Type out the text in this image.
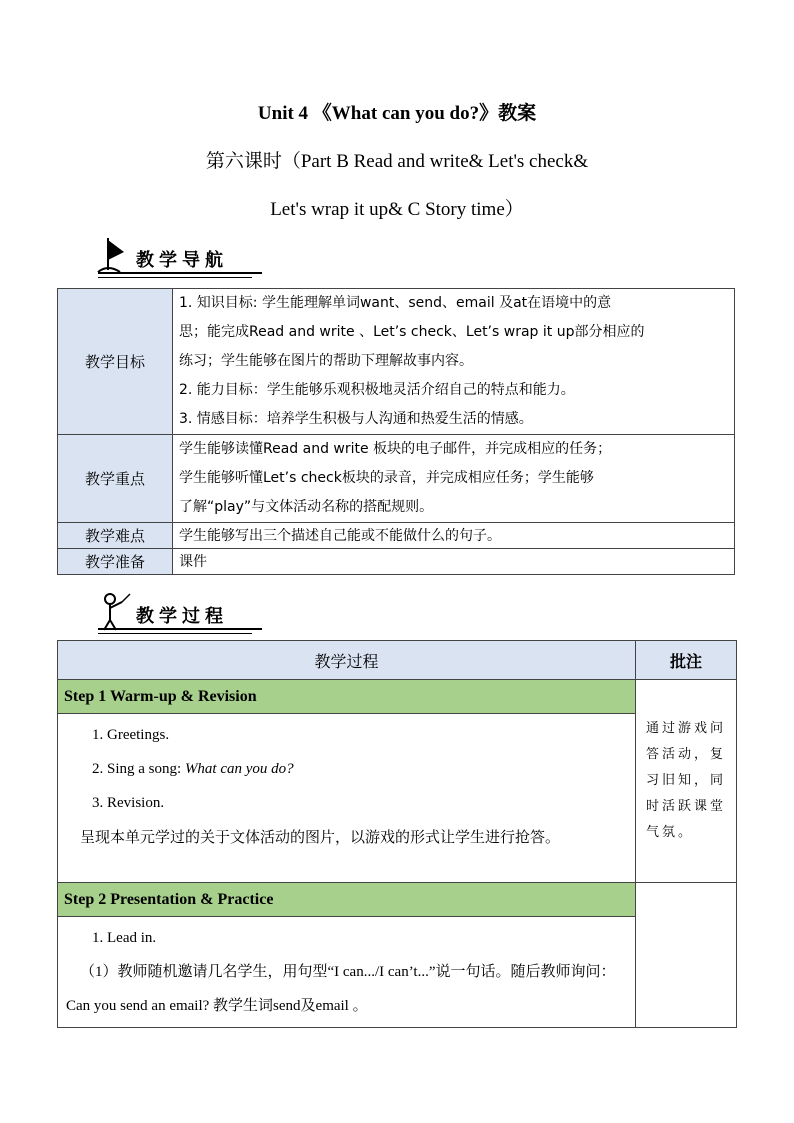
Unit 4 《What can you do?》教案
第六课时（Part B Read and write& Let's check&
Let's wrap it up& C Story time）
教学导航
教学目标	1. 知识目标: 学生能理解单词want、send、email 及at在语境中的意

思；能完成Read and write 、Let’s check、Let’s wrap it up部分相应的

练习；学生能够在图片的帮助下理解故事内容。

2. 能力目标：学生能够乐观积极地灵活介绍自己的特点和能力。

3. 情感目标：培养学生积极与人沟通和热爱生活的情感。

教学重点	学生能够读懂Read and write 板块的电子邮件，并完成相应的任务；

学生能够听懂Let’s check板块的录音，并完成相应任务；学生能够

了解“play”与文体活动名称的搭配规则。

教学难点	学生能够写出三个描述自己能或不能做什么的句子。

教学准备	课件

教学过程
教学过程	批注
Step 1 Warm-up & Revision	通过游戏问答活动，复习旧知，同时活跃课堂气氛。

1. Greetings.

2. Sing a song: What can you do?

3. Revision.

呈现本单元学过的关于文体活动的图片，以游戏的形式让学生进行抢答。	

Step 2 Presentation & Practice	

1. Lead in.

（1）教师随机邀请几名学生，用句型“I can.../I can’t...”说一句话。随后教师询问：Can you send an email? 教学生词send及email 。	
